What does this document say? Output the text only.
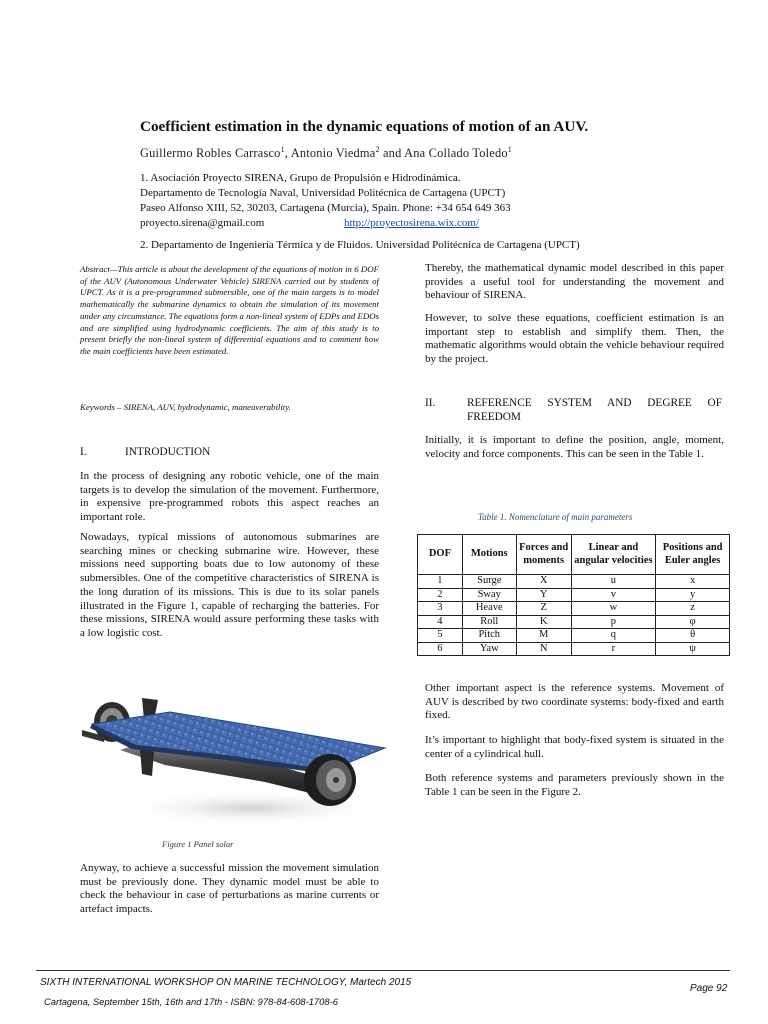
Coefficient estimation in the dynamic equations of motion of an AUV.
Guillermo Robles Carrasco$^1$, Antonio Viedma$^2$ and Ana Collado Toledo$^1$
1. Asociación Proyecto SIRENA, Grupo de Propulsión e Hidrodinámica.
Departamento de Tecnología Naval, Universidad Politécnica de Cartagena (UPCT)
Paseo Alfonso XIII, 52, 30203, Cartagena (Murcia), Spain. Phone: +34 654 649 363
proyecto.sirena@gmail.com	http://proyectosirena.wix.com/
2. Departamento de Ingeniería Térmica y de Fluidos. Universidad Politécnica de Cartagena (UPCT)
Abstract—This article is about the development of the equations of motion in 6 DOF of the AUV (Autonomous Underwater Vehicle) SIRENA carried out by students of UPCT. As it is a pre-programmed submersible, one of the main targets is to model mathematically the submarine dynamics to obtain the simulation of its movement under any circumstance. The equations form a non-lineal system of EDPs and EDOs and are simplified using hydrodynamic coefficients. The aim of this study is to present briefly the non-lineal system of differential equations and to comment how the main coefficients have been estimated.
Keywords – SIRENA, AUV, hydrodynamic, maneuverability.
I.	INTRODUCTION
In the process of designing any robotic vehicle, one of the main targets is to develop the simulation of the movement. Furthermore, in expensive pre-programmed robots this aspect reaches an important role.
Nowadays, typical missions of autonomous submarines are searching mines or checking submarine wire. However, these missions need supporting boats due to low autonomy of these submersibles. One of the competitive characteristics of SIRENA is the long duration of its missions. This is due to its solar panels illustrated in the Figure 1, capable of recharging the batteries. For these missions, SIRENA would assure performing these tasks with a low logistic cost.
Figure 1 Panel solar
Anyway, to achieve a successful mission the movement simulation must be previously done. They dynamic model must be able to check the behaviour in case of perturbations as marine currents or artefact impacts.
Thereby, the mathematical dynamic model described in this paper provides a useful tool for understanding the movement and behaviour of SIRENA.
However, to solve these equations, coefficient estimation is an important step to establish and simplify them. Then, the mathematic algorithms would obtain the vehicle behaviour required by the project.
II.	REFERENCE SYSTEM AND DEGREE OF FREEDOM
Initially, it is important to define the position, angle, moment, velocity and force components. This can be seen in the Table 1.
Table 1. Nomenclature of main parameters
DOF	Motions	Forces and moments	Linear and angular velocities	Positions and Euler angles
1	Surge	X	u	x
2	Sway	Y	v	y
3	Heave	Z	w	z
4	Roll	K	p	φ
5	Pitch	M	q	θ
6	Yaw	N	r	ψ
Other important aspect is the reference systems. Movement of AUV is described by two coordinate systems: body-fixed and earth fixed.
It’s important to highlight that body-fixed system is situated in the center of a cylindrical hull.
Both reference systems and parameters previously shown in the Table 1 can be seen in the Figure 2.
SIXTH INTERNATIONAL WORKSHOP ON MARINE TECHNOLOGY, Martech 2015
Cartagena, September 15th, 16th and 17th - ISBN: 978-84-608-1708-6
Page 92
